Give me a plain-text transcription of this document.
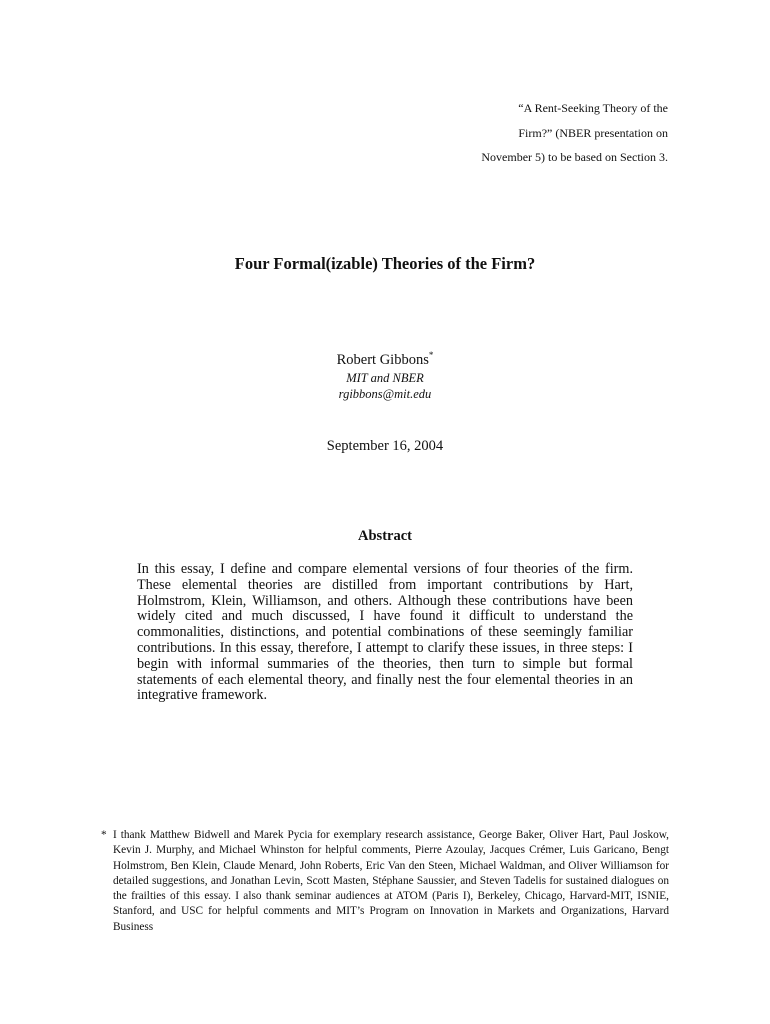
“A Rent-Seeking Theory of the
Firm?” (NBER presentation on
November 5) to be based on Section 3.
Four Formal(izable) Theories of the Firm?
Robert Gibbons*
MIT and NBER
rgibbons@mit.edu
September 16, 2004
Abstract
In this essay, I define and compare elemental versions of four theories of the firm. These elemental theories are distilled from important contributions by Hart, Holmstrom, Klein, Williamson, and others. Although these contributions have been widely cited and much discussed, I have found it difficult to understand the commonalities, distinctions, and potential combinations of these seemingly familiar contributions. In this essay, therefore, I attempt to clarify these issues, in three steps: I begin with informal summaries of the theories, then turn to simple but formal statements of each elemental theory, and finally nest the four elemental theories in an integrative framework.
* I thank Matthew Bidwell and Marek Pycia for exemplary research assistance, George Baker, Oliver Hart, Paul Joskow, Kevin J. Murphy, and Michael Whinston for helpful comments, Pierre Azoulay, Jacques Crémer, Luis Garicano, Bengt Holmstrom, Ben Klein, Claude Menard, John Roberts, Eric Van den Steen, Michael Waldman, and Oliver Williamson for detailed suggestions, and Jonathan Levin, Scott Masten, Stéphane Saussier, and Steven Tadelis for sustained dialogues on the frailties of this essay. I also thank seminar audiences at ATOM (Paris I), Berkeley, Chicago, Harvard-MIT, ISNIE, Stanford, and USC for helpful comments and MIT’s Program on Innovation in Markets and Organizations, Harvard Business
